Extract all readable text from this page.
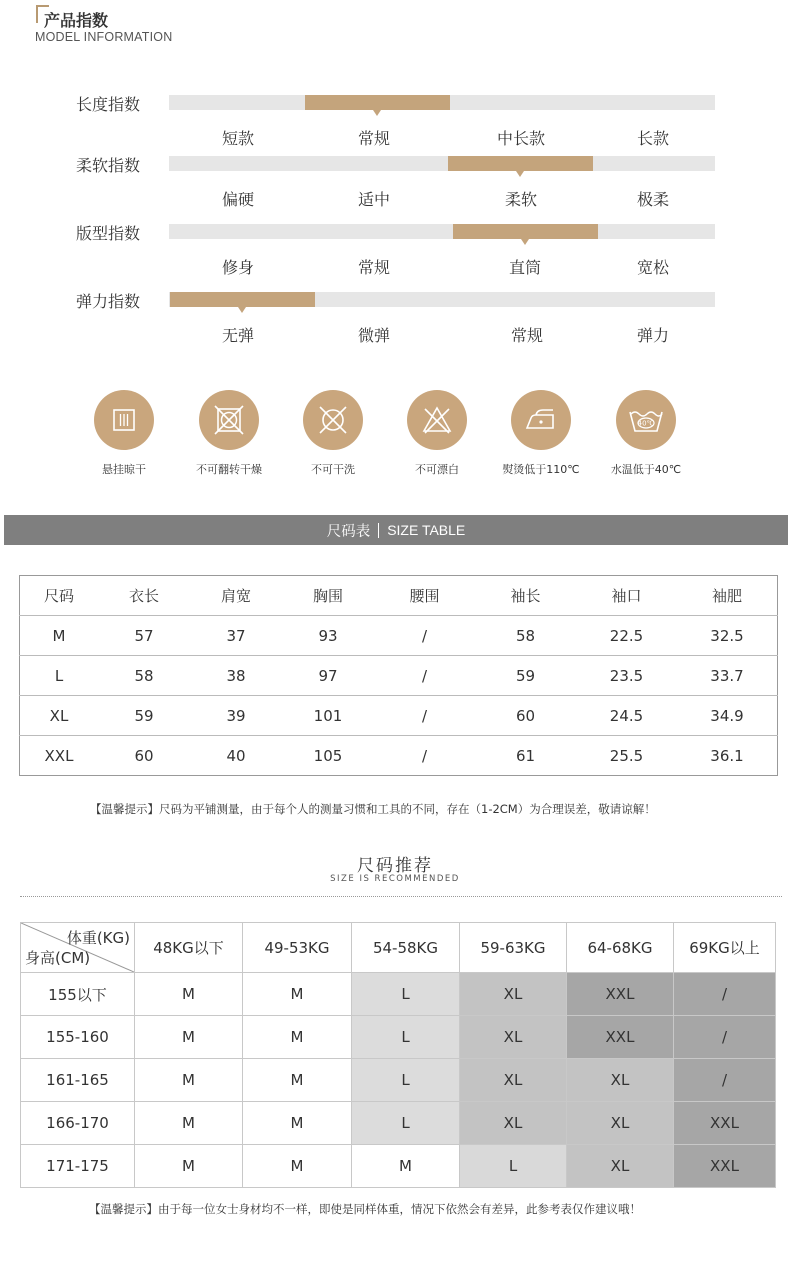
产品指数
MODEL INFORMATION
长度指数
短款	常规	中长款	长款
柔软指数
偏硬	适中	柔软	极柔
版型指数
修身	常规	直筒	宽松
弹力指数
无弹	微弹	常规	弹力
悬挂晾干	不可翻转干燥	不可干洗	不可漂白	熨烫低于110℃
40℃
水温低于40℃
尺码表 SIZE TABLE
尺码	衣长	肩宽	胸围	腰围	袖长	袖口	袖肥
M	57	37	93	/	58	22.5	32.5
L	58	38	97	/	59	23.5	33.7
XL	59	39	101	/	60	24.5	34.9
XXL	60	40	105	/	61	25.5	36.1
【温馨提示】尺码为平铺测量，由于每个人的测量习惯和工具的不同，存在（1-2CM）为合理误差，敬请谅解！
尺码推荐
SIZE IS RECOMMENDED
体重(KG)
身高(CM)	48KG以下	49-53KG	54-58KG	59-63KG	64-68KG	69KG以上
155以下	M	M	L	XL	XXL	/
155-160	M	M	L	XL	XXL	/
161-165	M	M	L	XL	XL	/
166-170	M	M	L	XL	XL	XXL
171-175	M	M	M	L	XL	XXL
【温馨提示】由于每一位女士身材均不一样，即使是同样体重，情况下依然会有差异，此参考表仅作建议哦！
